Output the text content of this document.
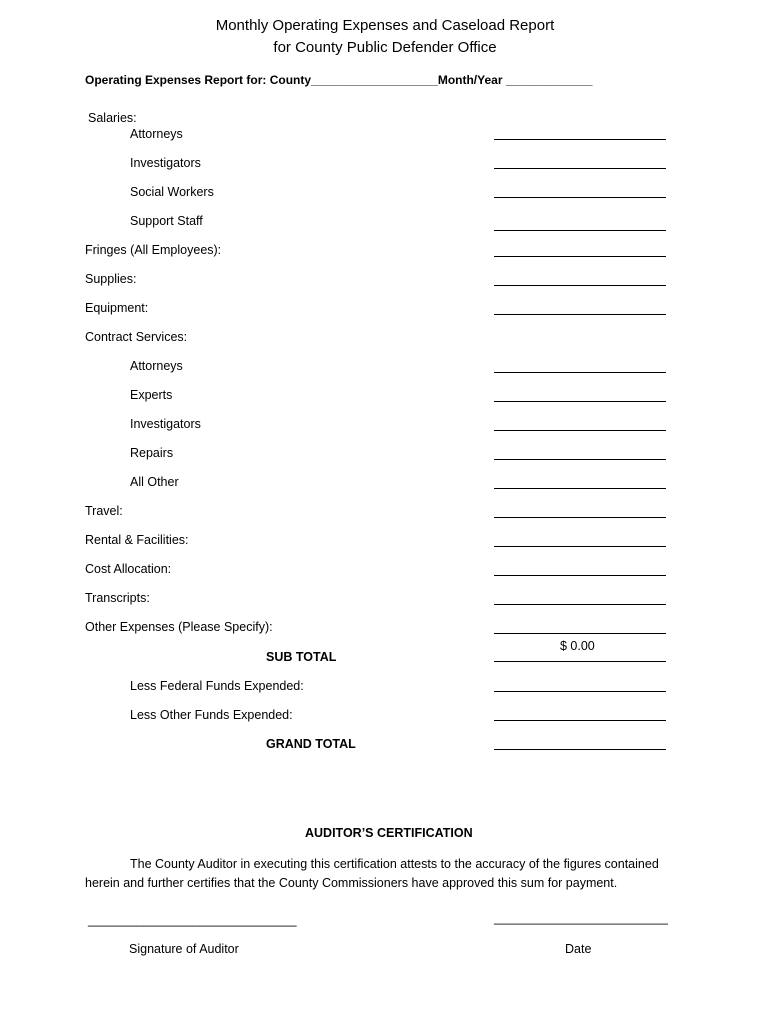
Monthly Operating Expenses and Caseload Report
for County Public Defender Office
Operating Expenses Report for: County___________________Month/Year _____________
Salaries:
Attorneys
Investigators
Social Workers
Support Staff
Fringes (All Employees):
Supplies:
Equipment:
Contract Services:
Attorneys
Experts
Investigators
Repairs
All Other
Travel:
Rental & Facilities:
Cost Allocation:
Transcripts:
Other Expenses (Please Specify):
$ 0.00
SUB TOTAL
Less Federal Funds Expended:
Less Other Funds Expended:
GRAND TOTAL
AUDITOR’S CERTIFICATION
The County Auditor in executing this certification attests to the accuracy of the figures contained herein and further certifies that the County Commissioners have approved this sum for payment.
______________________________	_________________________
Signature of Auditor	Date
